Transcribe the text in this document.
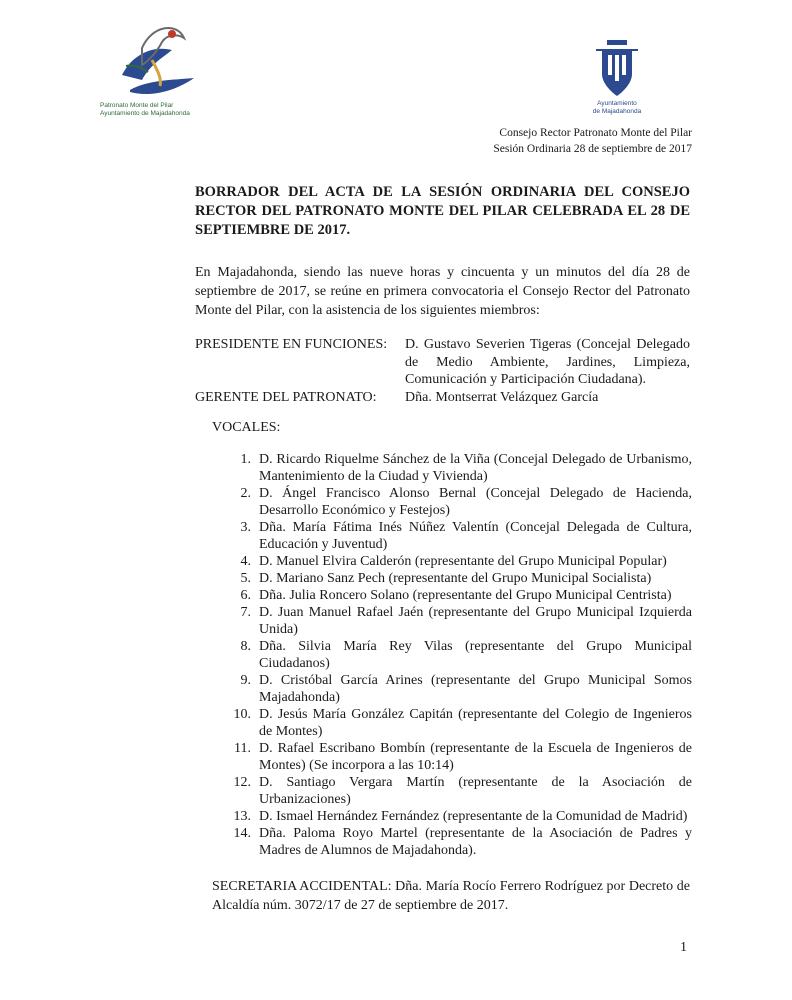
Patronato Monte del Pilar
Ayuntamiento de Majadahonda
Ayuntamiento
de Majadahonda
Consejo Rector Patronato Monte del Pilar
Sesión Ordinaria 28 de septiembre de 2017
BORRADOR DEL ACTA DE LA SESIÓN ORDINARIA DEL CONSEJO RECTOR DEL PATRONATO MONTE DEL PILAR CELEBRADA EL 28 DE SEPTIEMBRE DE 2017.

En Majadahonda, siendo las nueve horas y cincuenta y un minutos del día 28 de septiembre de 2017, se reúne en primera convocatoria el Consejo Rector del Patronato Monte del Pilar, con la asistencia de los siguientes miembros:

PRESIDENTE EN FUNCIONES:	D. Gustavo Severien Tigeras (Concejal Delegado de Medio Ambiente, Jardines, Limpieza, Comunicación y Participación Ciudadana).
GERENTE DEL PATRONATO:	Dña. Montserrat Velázquez García
VOCALES:
1. D. Ricardo Riquelme Sánchez de la Viña (Concejal Delegado de Urbanismo, Mantenimiento de la Ciudad y Vivienda)
2. D. Ángel Francisco Alonso Bernal (Concejal Delegado de Hacienda, Desarrollo Económico y Festejos)
3. Dña. María Fátima Inés Núñez Valentín (Concejal Delegada de Cultura, Educación y Juventud)
4. D. Manuel Elvira Calderón (representante del Grupo Municipal Popular)
5. D. Mariano Sanz Pech (representante del Grupo Municipal Socialista)
6. Dña. Julia Roncero Solano (representante del Grupo Municipal Centrista)
7. D. Juan Manuel Rafael Jaén (representante del Grupo Municipal Izquierda Unida)
8. Dña. Silvia María Rey Vilas (representante del Grupo Municipal Ciudadanos)
9. D. Cristóbal García Arines (representante del Grupo Municipal Somos Majadahonda)
10. D. Jesús María González Capitán (representante del Colegio de Ingenieros de Montes)
11. D. Rafael Escribano Bombín (representante de la Escuela de Ingenieros de Montes) (Se incorpora a las 10:14)
12. D. Santiago Vergara Martín (representante de la Asociación de Urbanizaciones)
13. D. Ismael Hernández Fernández (representante de la Comunidad de Madrid)
14. Dña. Paloma Royo Martel (representante de la Asociación de Padres y Madres de Alumnos de Majadahonda).

SECRETARIA ACCIDENTAL: Dña. María Rocío Ferrero Rodríguez por Decreto de Alcaldía núm. 3072/17 de 27 de septiembre de 2017.

1
